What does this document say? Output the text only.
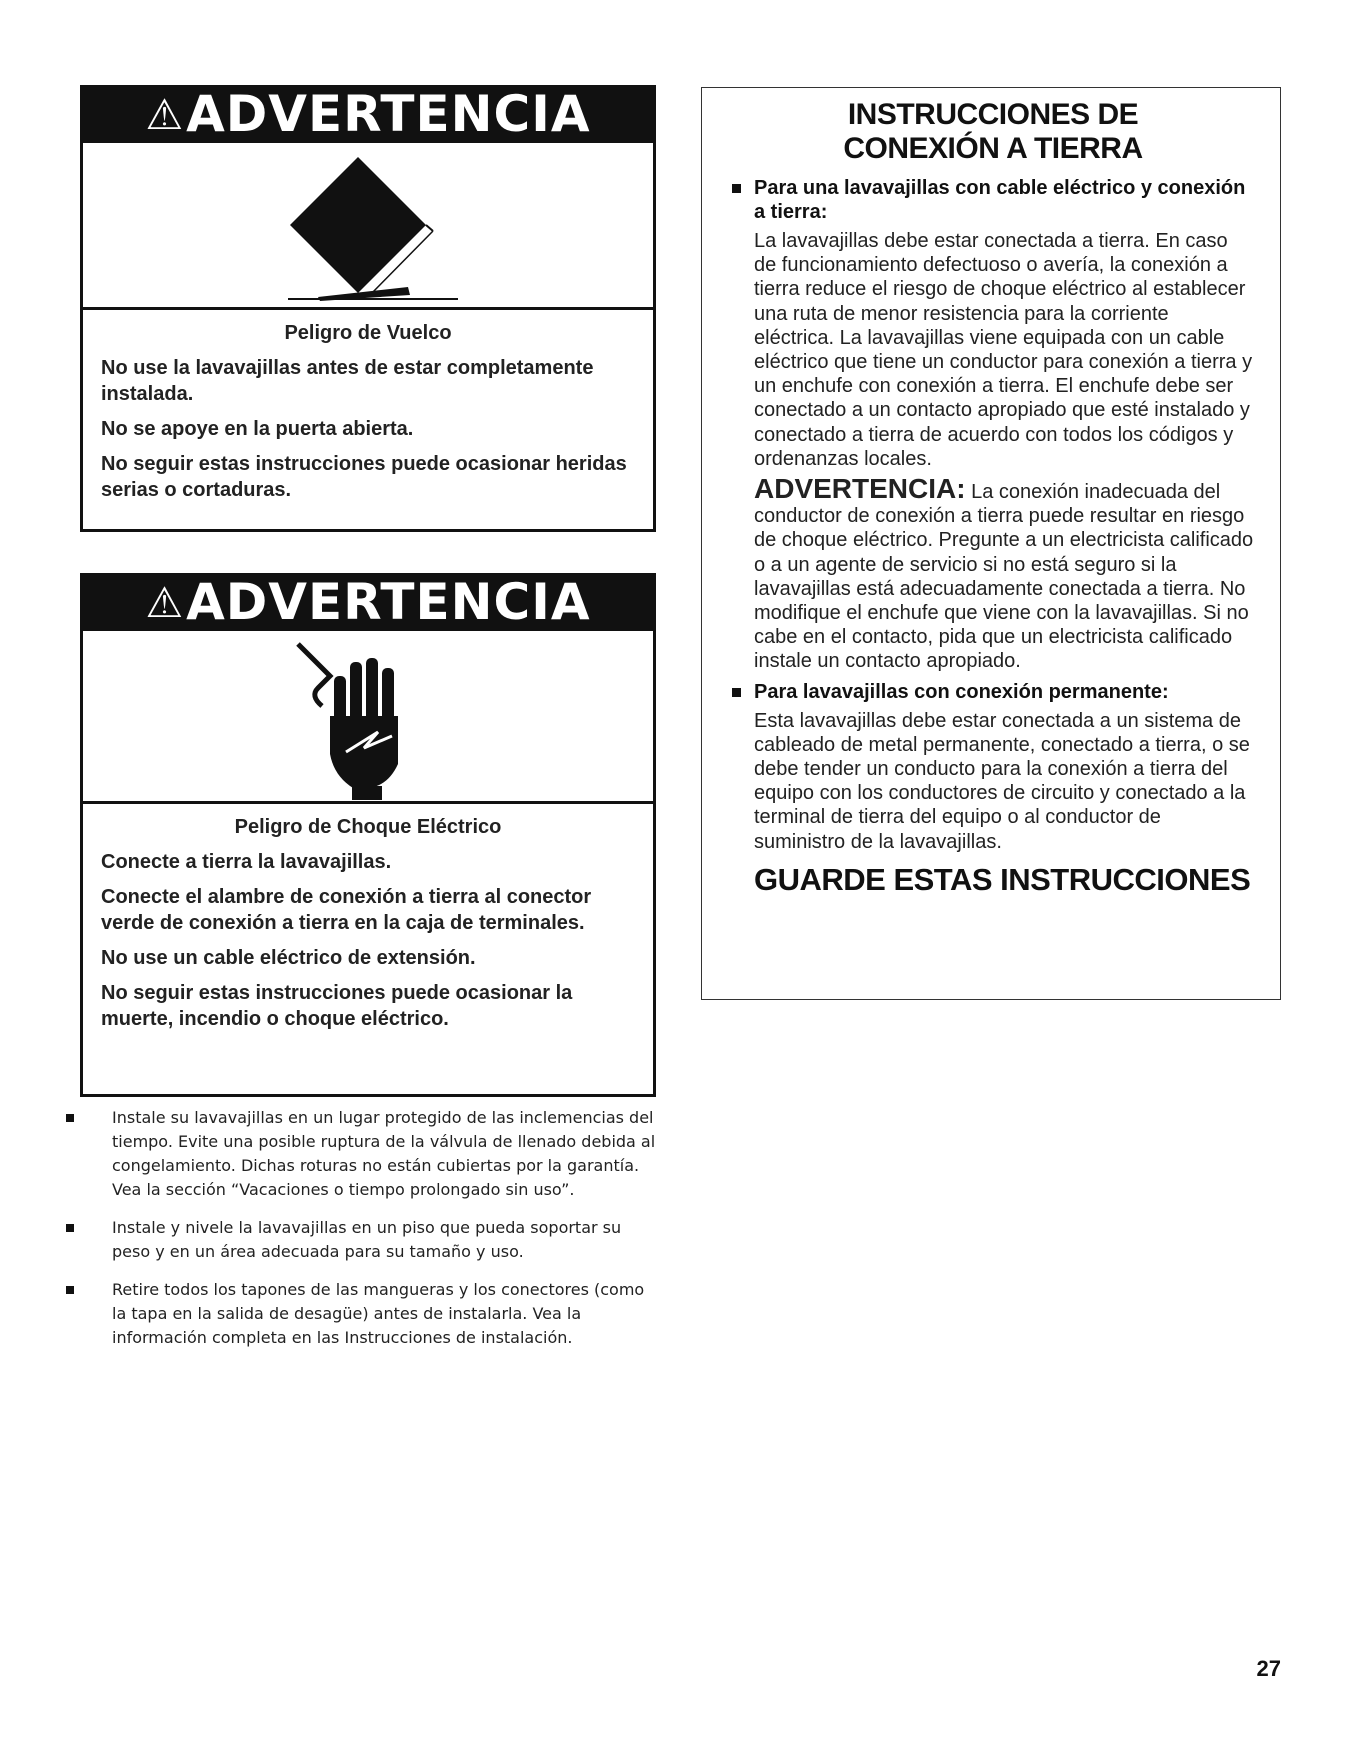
⚠ ADVERTENCIA
Peligro de Vuelco

No use la lavavajillas antes de estar completamente instalada.

No se apoye en la puerta abierta.

No seguir estas instrucciones puede ocasionar heridas serias o cortaduras.

⚠ ADVERTENCIA
Peligro de Choque Eléctrico

Conecte a tierra la lavavajillas.

Conecte el alambre de conexión a tierra al conector verde de conexión a tierra en la caja de terminales.

No use un cable eléctrico de extensión.

No seguir estas instrucciones puede ocasionar la muerte, incendio o choque eléctrico.

INSTRUCCIONES DE
CONEXIÓN A TIERRA

Para una lavavajillas con cable eléctrico y conexión a tierra:

La lavavajillas debe estar conectada a tierra. En caso de funcionamiento defectuoso o avería, la conexión a tierra reduce el riesgo de choque eléctrico al establecer una ruta de menor resistencia para la corriente eléctrica. La lavavajillas viene equipada con un cable eléctrico que tiene un conductor para conexión a tierra y un enchufe con conexión a tierra. El enchufe debe ser conectado a un contacto apropiado que esté instalado y conectado a tierra de acuerdo con todos los códigos y ordenanzas locales.

ADVERTENCIA: La conexión inadecuada del conductor de conexión a tierra puede resultar en riesgo de choque eléctrico. Pregunte a un electricista calificado o a un agente de servicio si no está seguro si la lavavajillas está adecuadamente conectada a tierra. No modifique el enchufe que viene con la lavavajillas. Si no cabe en el contacto, pida que un electricista calificado instale un contacto apropiado.

Para lavavajillas con conexión permanente:

Esta lavavajillas debe estar conectada a un sistema de cableado de metal permanente, conectado a tierra, o se debe tender un conducto para la conexión a tierra del equipo con los conductores de circuito y conectado a la terminal de tierra del equipo o al conductor de suministro de la lavavajillas.

GUARDE ESTAS INSTRUCCIONES
Instale su lavavajillas en un lugar protegido de las inclemencias del tiempo. Evite una posible ruptura de la válvula de llenado debida al congelamiento. Dichas roturas no están cubiertas por la garantía. Vea la sección “Vacaciones o tiempo prolongado sin uso”.
Instale y nivele la lavavajillas en un piso que pueda soportar su peso y en un área adecuada para su tamaño y uso.
Retire todos los tapones de las mangueras y los conectores (como la tapa en la salida de desagüe) antes de instalarla. Vea la información completa en las Instrucciones de instalación.
27
